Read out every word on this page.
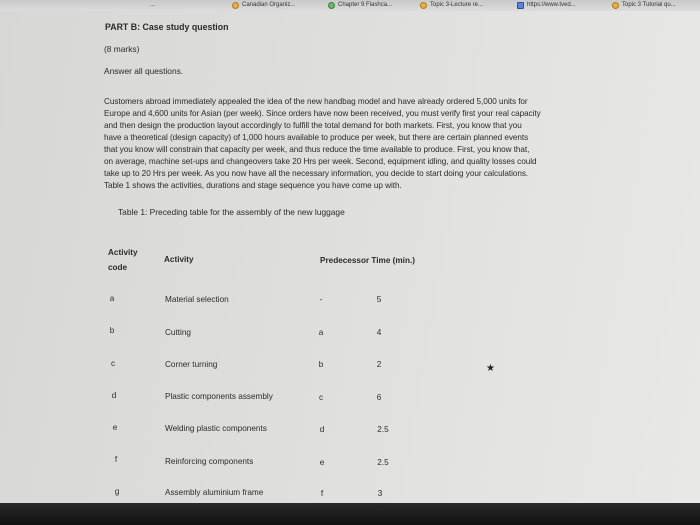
...	Canadian Organiz...	Chapter 9 Flashca...	Topic 3-Lecture re...	https://www.tved...	Topic 3 Tutorial qu...
PART B: Case study question
(8 marks)
Answer all questions.
Customers abroad immediately appealed the idea of the new handbag model and have already ordered 5,000 units for
Europe and 4,600 units for Asian (per week). Since orders have now been received, you must verify first your real capacity
and then design the production layout accordingly to fulfill the total demand for both markets. First, you know that you
have a theoretical (design capacity) of 1,000 hours available to produce per week, but there are certain planned events
that you know will constrain that capacity per week, and thus reduce the time available to produce. First, you know that,
on average, machine set-ups and changeovers take 20 Hrs per week. Second, equipment idling, and quality losses could
take up to 20 Hrs per week. As you now have all the necessary information, you decide to start doing your calculations.
Table 1 shows the activities, durations and stage sequence you have come up with.
Table 1: Preceding table for the assembly of the new luggage
Activity
code
Activity	Predecessor Time (min.)
a	Material selection	-	5
b	Cutting	a	4
c	Corner turning	b	2
d	Plastic components assembly	c	6
e	Welding plastic components	d	2.5
f	Reinforcing components	e	2.5
g	Assembly aluminium frame	f	3
★
